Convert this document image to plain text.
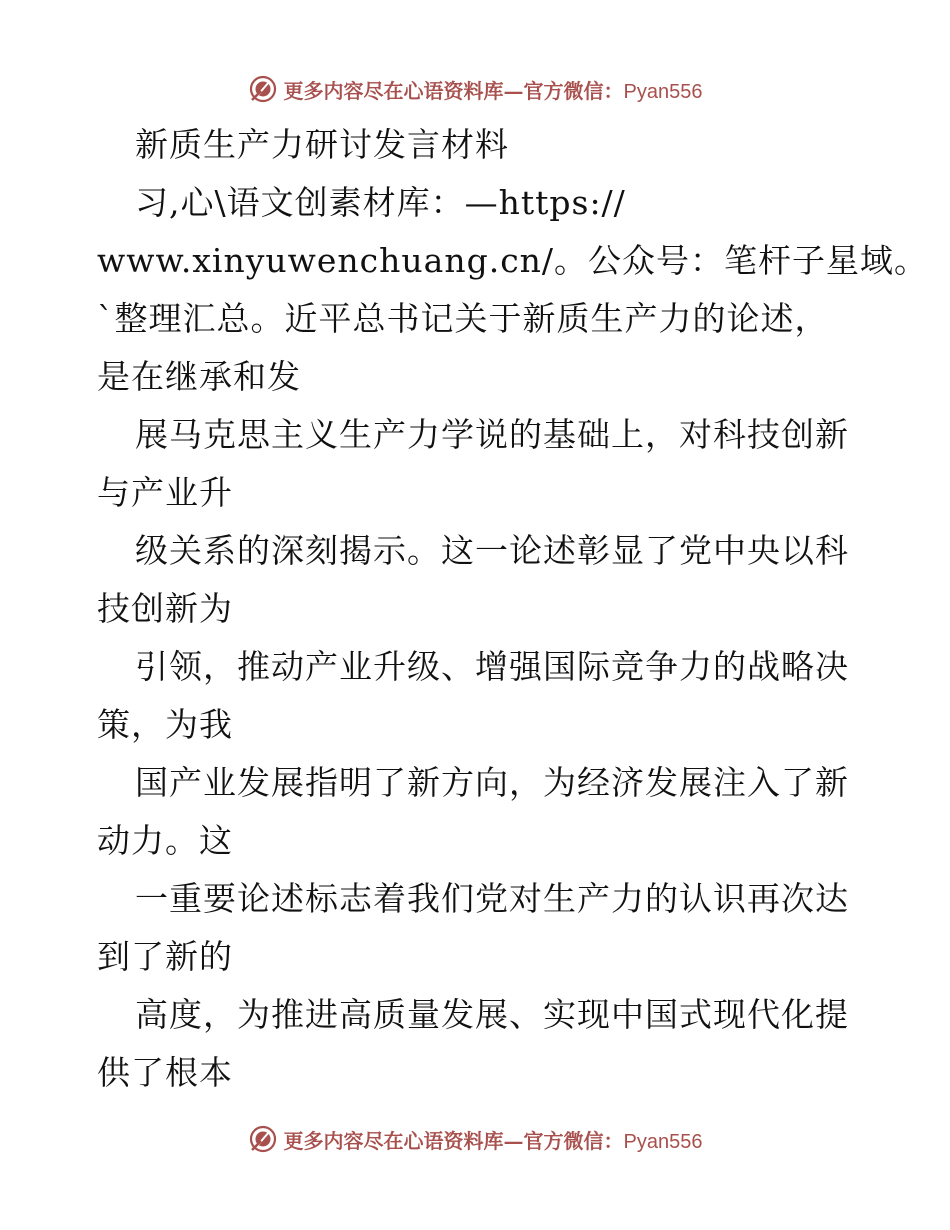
更多内容尽在心语资料库—官方微信：Pyan556
新质生产力研讨发言材料
习,心\语文创素材库：—https://
www.xinyuwenchuang.cn/。公众号：笔杆子星域。
`整理汇总。近平总书记关于新质生产力的论述，
是在继承和发
展马克思主义生产力学说的基础上，对科技创新
与产业升
级关系的深刻揭示。这一论述彰显了党中央以科
技创新为
引领，推动产业升级、增强国际竞争力的战略决
策，为我
国产业发展指明了新方向，为经济发展注入了新
动力。这
一重要论述标志着我们党对生产力的认识再次达
到了新的
高度，为推进高质量发展、实现中国式现代化提
供了根本
更多内容尽在心语资料库—官方微信：Pyan556
